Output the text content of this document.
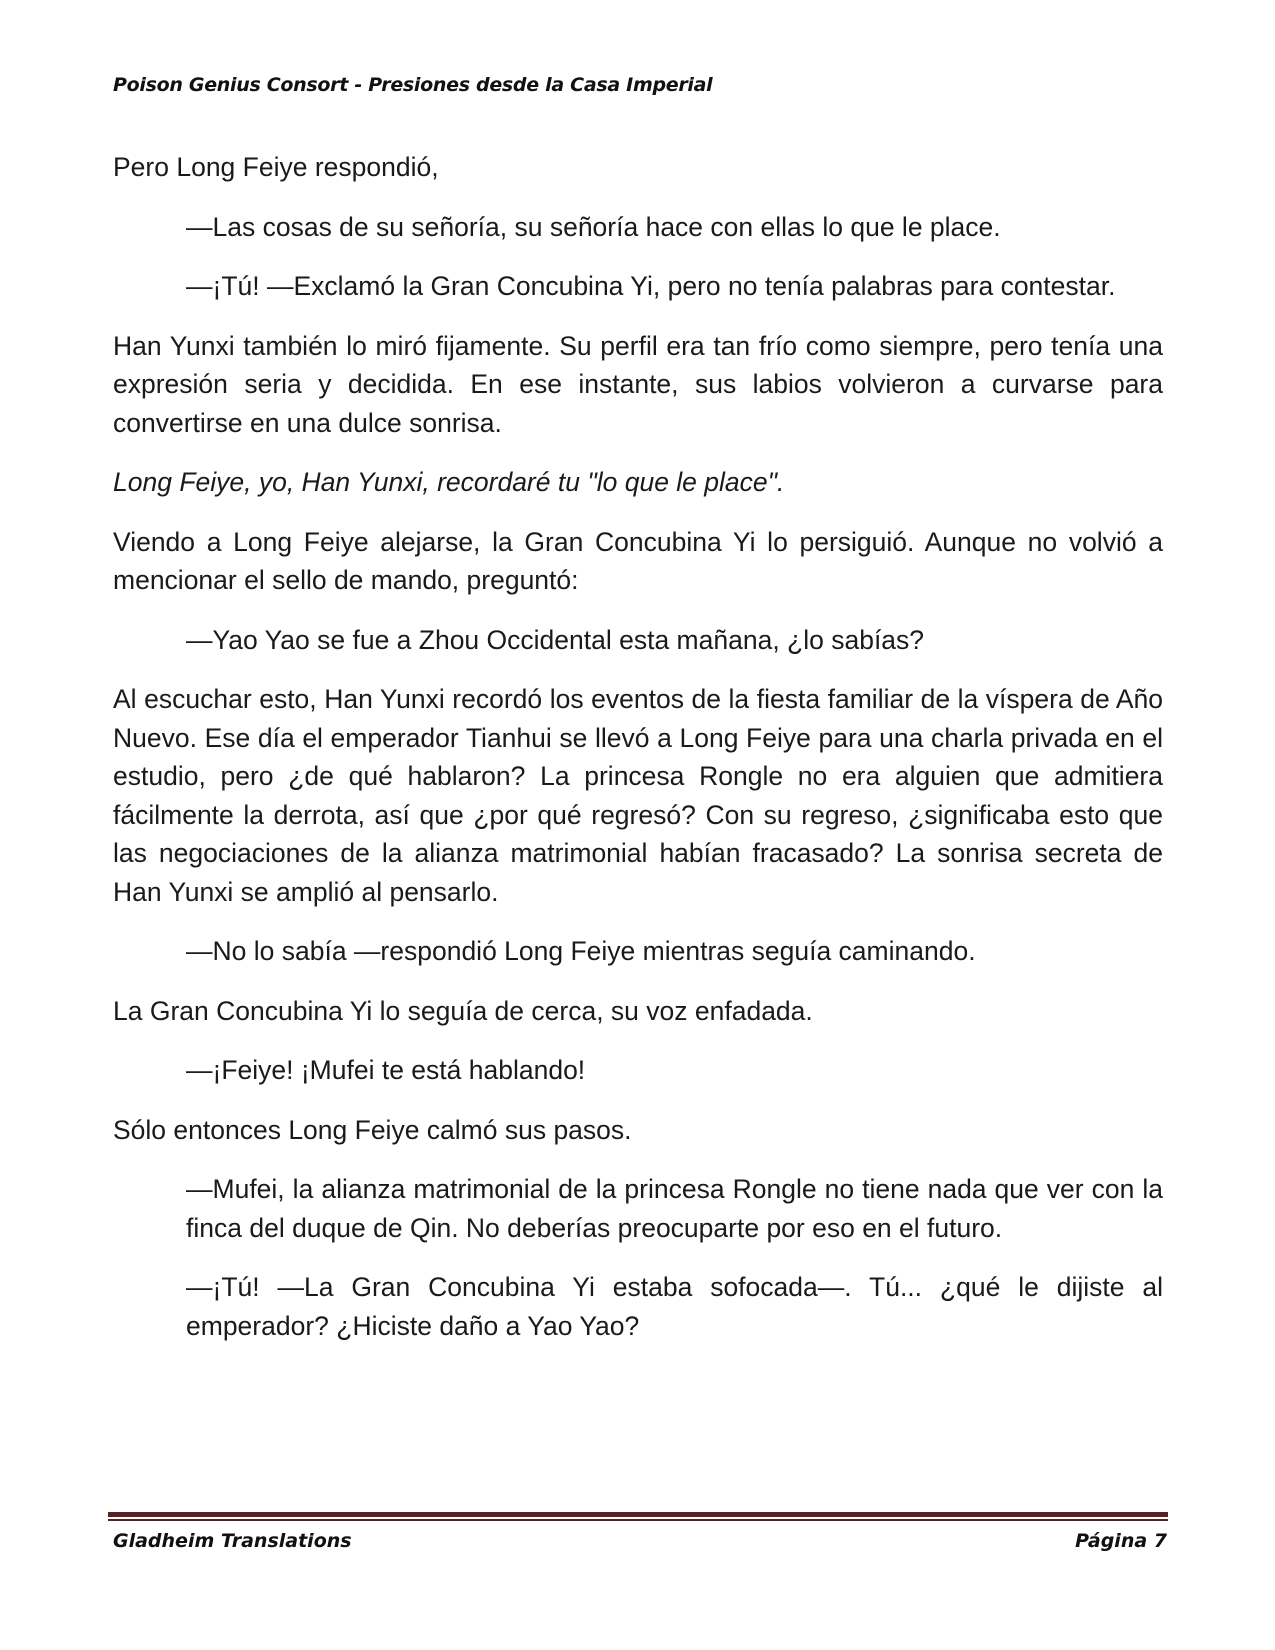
Poison Genius Consort - Presiones desde la Casa Imperial

Pero Long Feiye respondió,

—Las cosas de su señoría, su señoría hace con ellas lo que le place.

—¡Tú! —Exclamó la Gran Concubina Yi, pero no tenía palabras para contestar.

Han Yunxi también lo miró fijamente. Su perfil era tan frío como siempre, pero tenía una expresión seria y decidida. En ese instante, sus labios volvieron a curvarse para convertirse en una dulce sonrisa.

Long Feiye, yo, Han Yunxi, recordaré tu "lo que le place".

Viendo a Long Feiye alejarse, la Gran Concubina Yi lo persiguió. Aunque no volvió a mencionar el sello de mando, preguntó:

—Yao Yao se fue a Zhou Occidental esta mañana, ¿lo sabías?

Al escuchar esto, Han Yunxi recordó los eventos de la fiesta familiar de la víspera de Año Nuevo. Ese día el emperador Tianhui se llevó a Long Feiye para una charla privada en el estudio, pero ¿de qué hablaron? La princesa Rongle no era alguien que admitiera fácilmente la derrota, así que ¿por qué regresó? Con su regreso, ¿significaba esto que las negociaciones de la alianza matrimonial habían fracasado? La sonrisa secreta de Han Yunxi se amplió al pensarlo.

—No lo sabía —respondió Long Feiye mientras seguía caminando.

La Gran Concubina Yi lo seguía de cerca, su voz enfadada.

—¡Feiye! ¡Mufei te está hablando!

Sólo entonces Long Feiye calmó sus pasos.

—Mufei, la alianza matrimonial de la princesa Rongle no tiene nada que ver con la finca del duque de Qin. No deberías preocuparte por eso en el futuro.

—¡Tú! —La Gran Concubina Yi estaba sofocada—. Tú... ¿qué le dijiste al emperador? ¿Hiciste daño a Yao Yao?

Gladheim Translations	Página 7
